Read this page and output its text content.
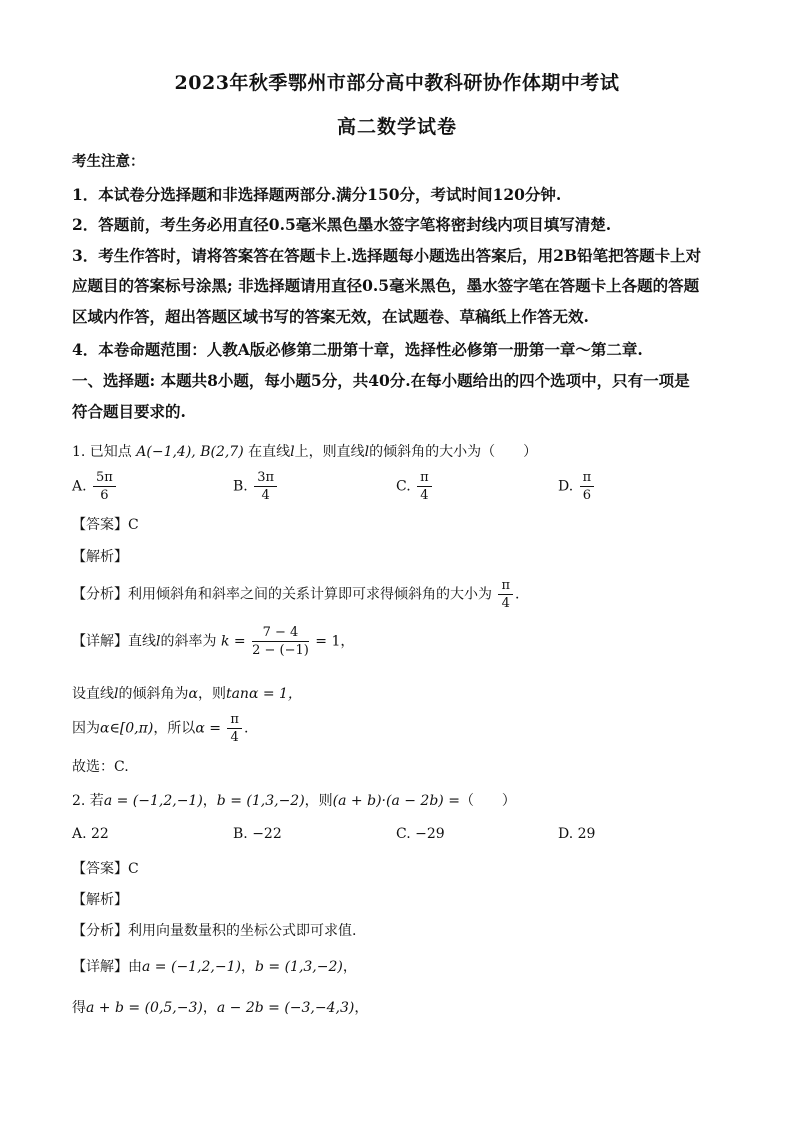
2023年秋季鄂州市部分高中教科研协作体期中考试
高二数学试卷
考生注意：
1．本试卷分选择题和非选择题两部分.满分150分，考试时间120分钟.
2．答题前，考生务必用直径0.5毫米黑色墨水签字笔将密封线内项目填写清楚.
3．考生作答时，请将答案答在答题卡上.选择题每小题选出答案后，用2B铅笔把答题卡上对
应题目的答案标号涂黑; 非选择题请用直径0.5毫米黑色，墨水签字笔在答题卡上各题的答题
区域内作答，超出答题区域书写的答案无效，在试题卷、草稿纸上作答无效.
4．本卷命题范围：人教A版必修第二册第十章，选择性必修第一册第一章～第二章.
一、选择题: 本题共8小题，每小题5分，共40分.在每小题给出的四个选项中，只有一项是
符合题目要求的.
1. 已知点 A(−1,4), B(2,7) 在直线l上，则直线l的倾斜角的大小为（　　）
A. $\frac{5\pi}{6}$	B. $\frac{3\pi}{4}$	C. $\frac{\pi}{4}$	D. $\frac{\pi}{6}$
【答案】C
【解析】
【分析】利用倾斜角和斜率之间的关系计算即可求得倾斜角的大小为 $\frac{\pi}{4}$ .
【详解】直线l的斜率为 $k = \frac{7 - 4}{2 - (-1)} = 1$，
设直线l的倾斜角为α，则tanα = 1，
因为α∈[0,π)，所以$\alpha = \frac{\pi}{4}$ .
故选：C.
2. 若a = (−1,2,−1)，b = (1,3,−2)，则(a + b)·(a − 2b) =（　　）
A. 22	B. −22	C. −29	D. 29
【答案】C
【解析】
【分析】利用向量数量积的坐标公式即可求值.
【详解】由a = (−1,2,−1)，b = (1,3,−2)，
得a + b = (0,5,−3)，a − 2b = (−3,−4,3)，
